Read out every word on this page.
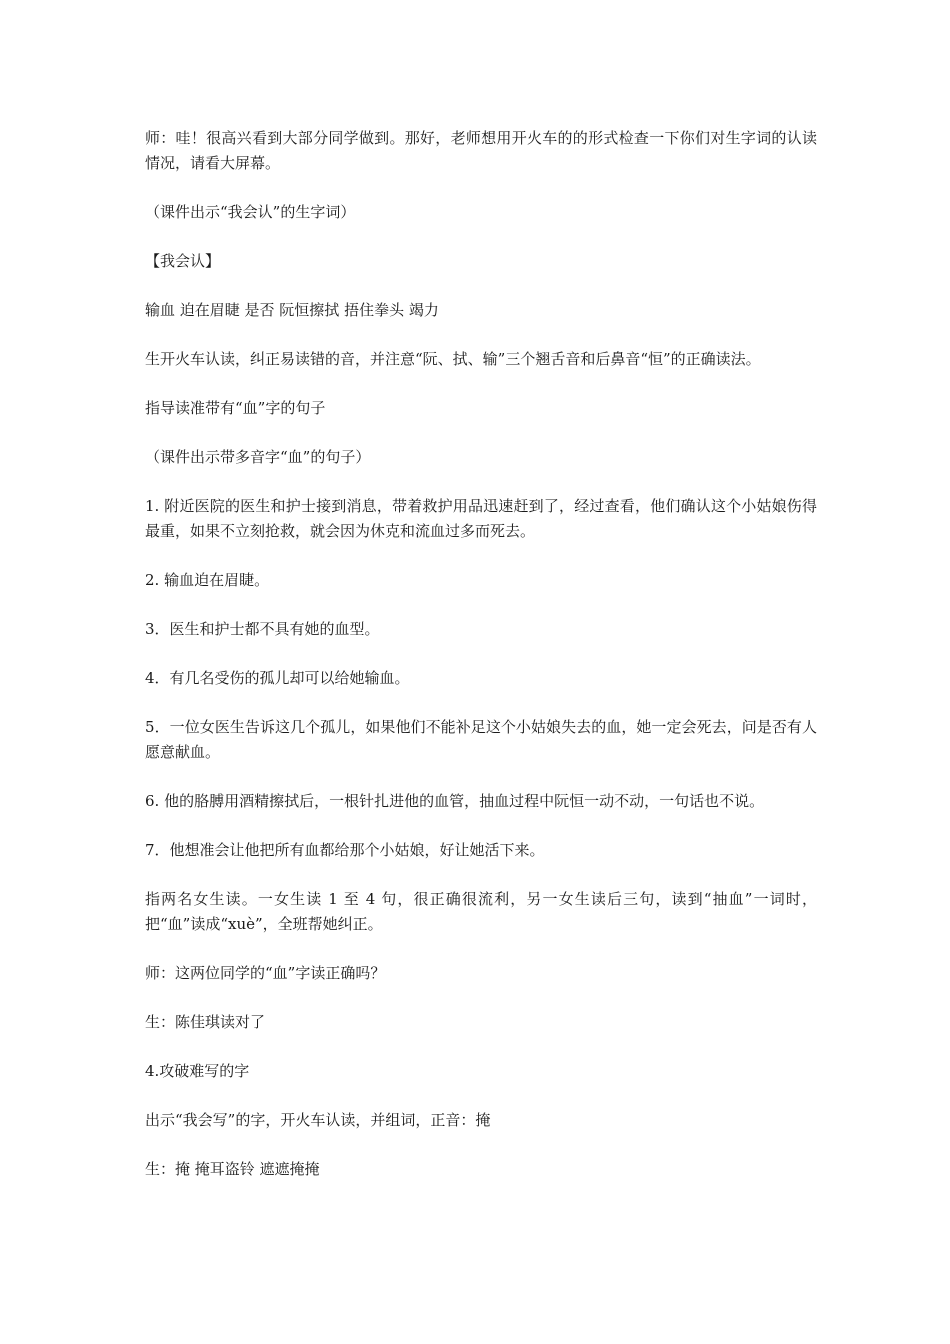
师：哇！很高兴看到大部分同学做到。那好，老师想用开火车的的形式检查一下你们对生字词的认读情况，请看大屏幕。

（课件出示“我会认”的生字词）

【我会认】

输血 迫在眉睫 是否 阮恒擦拭 捂住拳头 竭力

生开火车认读，纠正易读错的音，并注意“阮、拭、输”三个翘舌音和后鼻音“恒”的正确读法。

指导读准带有“血”字的句子

（课件出示带多音字“血”的句子）

1. 附近医院的医生和护士接到消息，带着救护用品迅速赶到了，经过查看，他们确认这个小姑娘伤得最重，如果不立刻抢救，就会因为休克和流血过多而死去。

2. 输血迫在眉睫。

3．医生和护士都不具有她的血型。

4．有几名受伤的孤儿却可以给她输血。

5．一位女医生告诉这几个孤儿，如果他们不能补足这个小姑娘失去的血，她一定会死去，问是否有人愿意献血。

6. 他的胳膊用酒精擦拭后，一根针扎进他的血管，抽血过程中阮恒一动不动，一句话也不说。

7．他想准会让他把所有血都给那个小姑娘，好让她活下来。

指两名女生读。一女生读 1 至 4 句，很正确很流利，另一女生读后三句，读到“抽血”一词时，把“血”读成“xuè”，全班帮她纠正。

师：这两位同学的“血”字读正确吗？

生：陈佳琪读对了

4.攻破难写的字

出示“我会写”的字，开火车认读，并组词，正音：掩

生：掩 掩耳盗铃 遮遮掩掩
